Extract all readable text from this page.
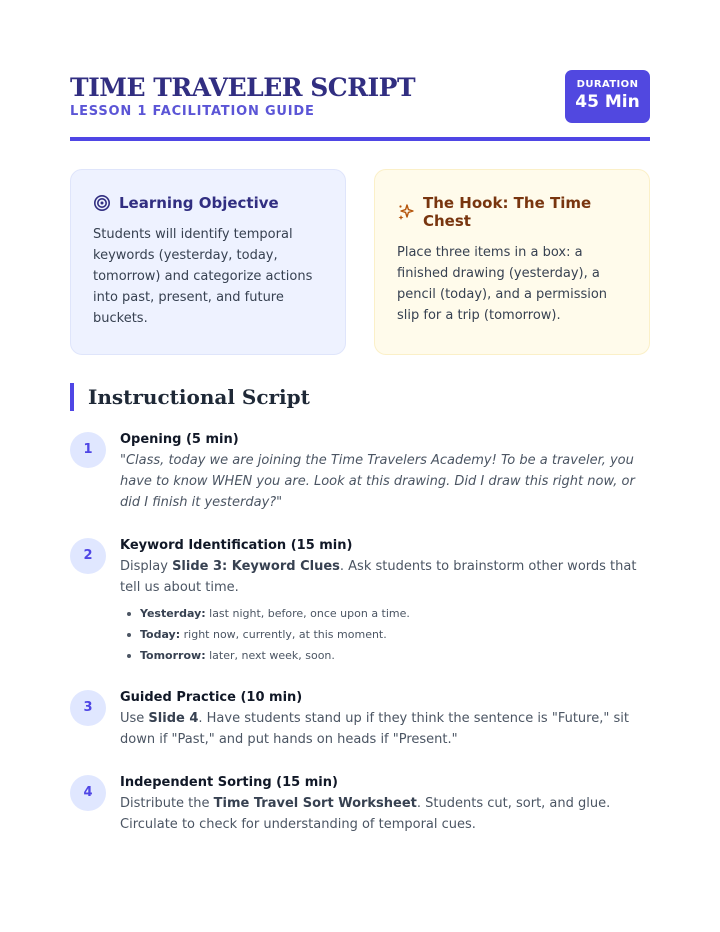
TIME TRAVELER SCRIPT
LESSON 1 FACILITATION GUIDE
DURATION
45 Min
Learning Objective
Students will identify temporal keywords (yesterday, today, tomorrow) and categorize actions into past, present, and future buckets.
The Hook: The Time Chest
Place three items in a box: a finished drawing (yesterday), a pencil (today), and a permission slip for a trip (tomorrow).
Instructional Script
1
Opening (5 min)
"Class, today we are joining the Time Travelers Academy! To be a traveler, you have to know WHEN you are. Look at this drawing. Did I draw this right now, or did I finish it yesterday?"
2
Keyword Identification (15 min)
Display Slide 3: Keyword Clues. Ask students to brainstorm other words that tell us about time.
Yesterday: last night, before, once upon a time.
Today: right now, currently, at this moment.
Tomorrow: later, next week, soon.
3
Guided Practice (10 min)
Use Slide 4. Have students stand up if they think the sentence is "Future," sit down if "Past," and put hands on heads if "Present."
4
Independent Sorting (15 min)
Distribute the Time Travel Sort Worksheet. Students cut, sort, and glue. Circulate to check for understanding of temporal cues.
